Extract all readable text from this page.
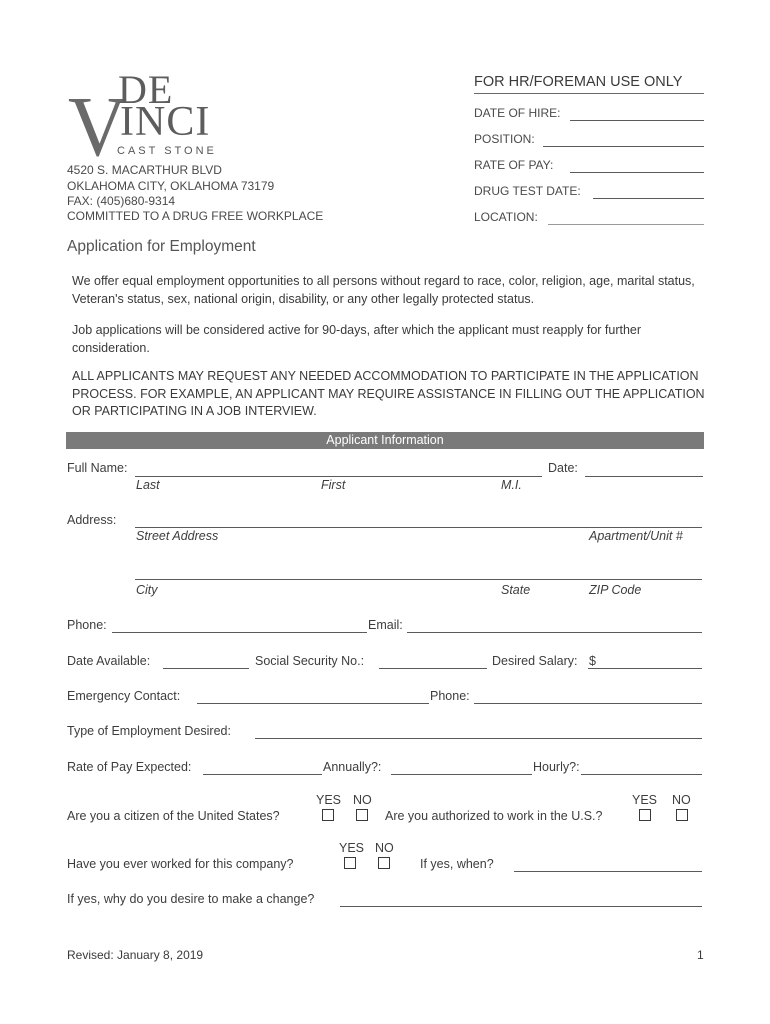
V
DE
INCI
CAST STONE
4520 S. MACARTHUR BLVD
OKLAHOMA CITY, OKLAHOMA 73179
FAX: (405)680-9314
COMMITTED TO A DRUG FREE WORKPLACE
FOR HR/FOREMAN USE ONLY
DATE OF HIRE:
POSITION:
RATE OF PAY:
DRUG TEST DATE:
LOCATION:
Application for Employment
We offer equal employment opportunities to all persons without regard to race, color, religion, age, marital status, Veteran's status, sex, national origin, disability, or any other legally protected status.
Job applications will be considered active for 90-days, after which the applicant must reapply for further consideration.
ALL APPLICANTS MAY REQUEST ANY NEEDED ACCOMMODATION TO PARTICIPATE IN THE APPLICATION PROCESS. FOR EXAMPLE, AN APPLICANT MAY REQUIRE ASSISTANCE IN FILLING OUT THE APPLICATION OR PARTICIPATING IN A JOB INTERVIEW.
Applicant Information
Full Name:	Date:
Last	First	M.I.
Address:
Street Address	Apartment/Unit #
City	State	ZIP Code
Phone:	Email:
Date Available:	Social Security No.:	Desired Salary: $
Emergency Contact:	Phone:
Type of Employment Desired:
Rate of Pay Expected:	Annually?:	Hourly?:
YES NO
Are you a citizen of the United States?
YES NO
Are you authorized to work in the U.S.?
YES NO
Have you ever worked for this company?	If yes, when?
If yes, why do you desire to make a change?
Revised: January 8, 2019	1
